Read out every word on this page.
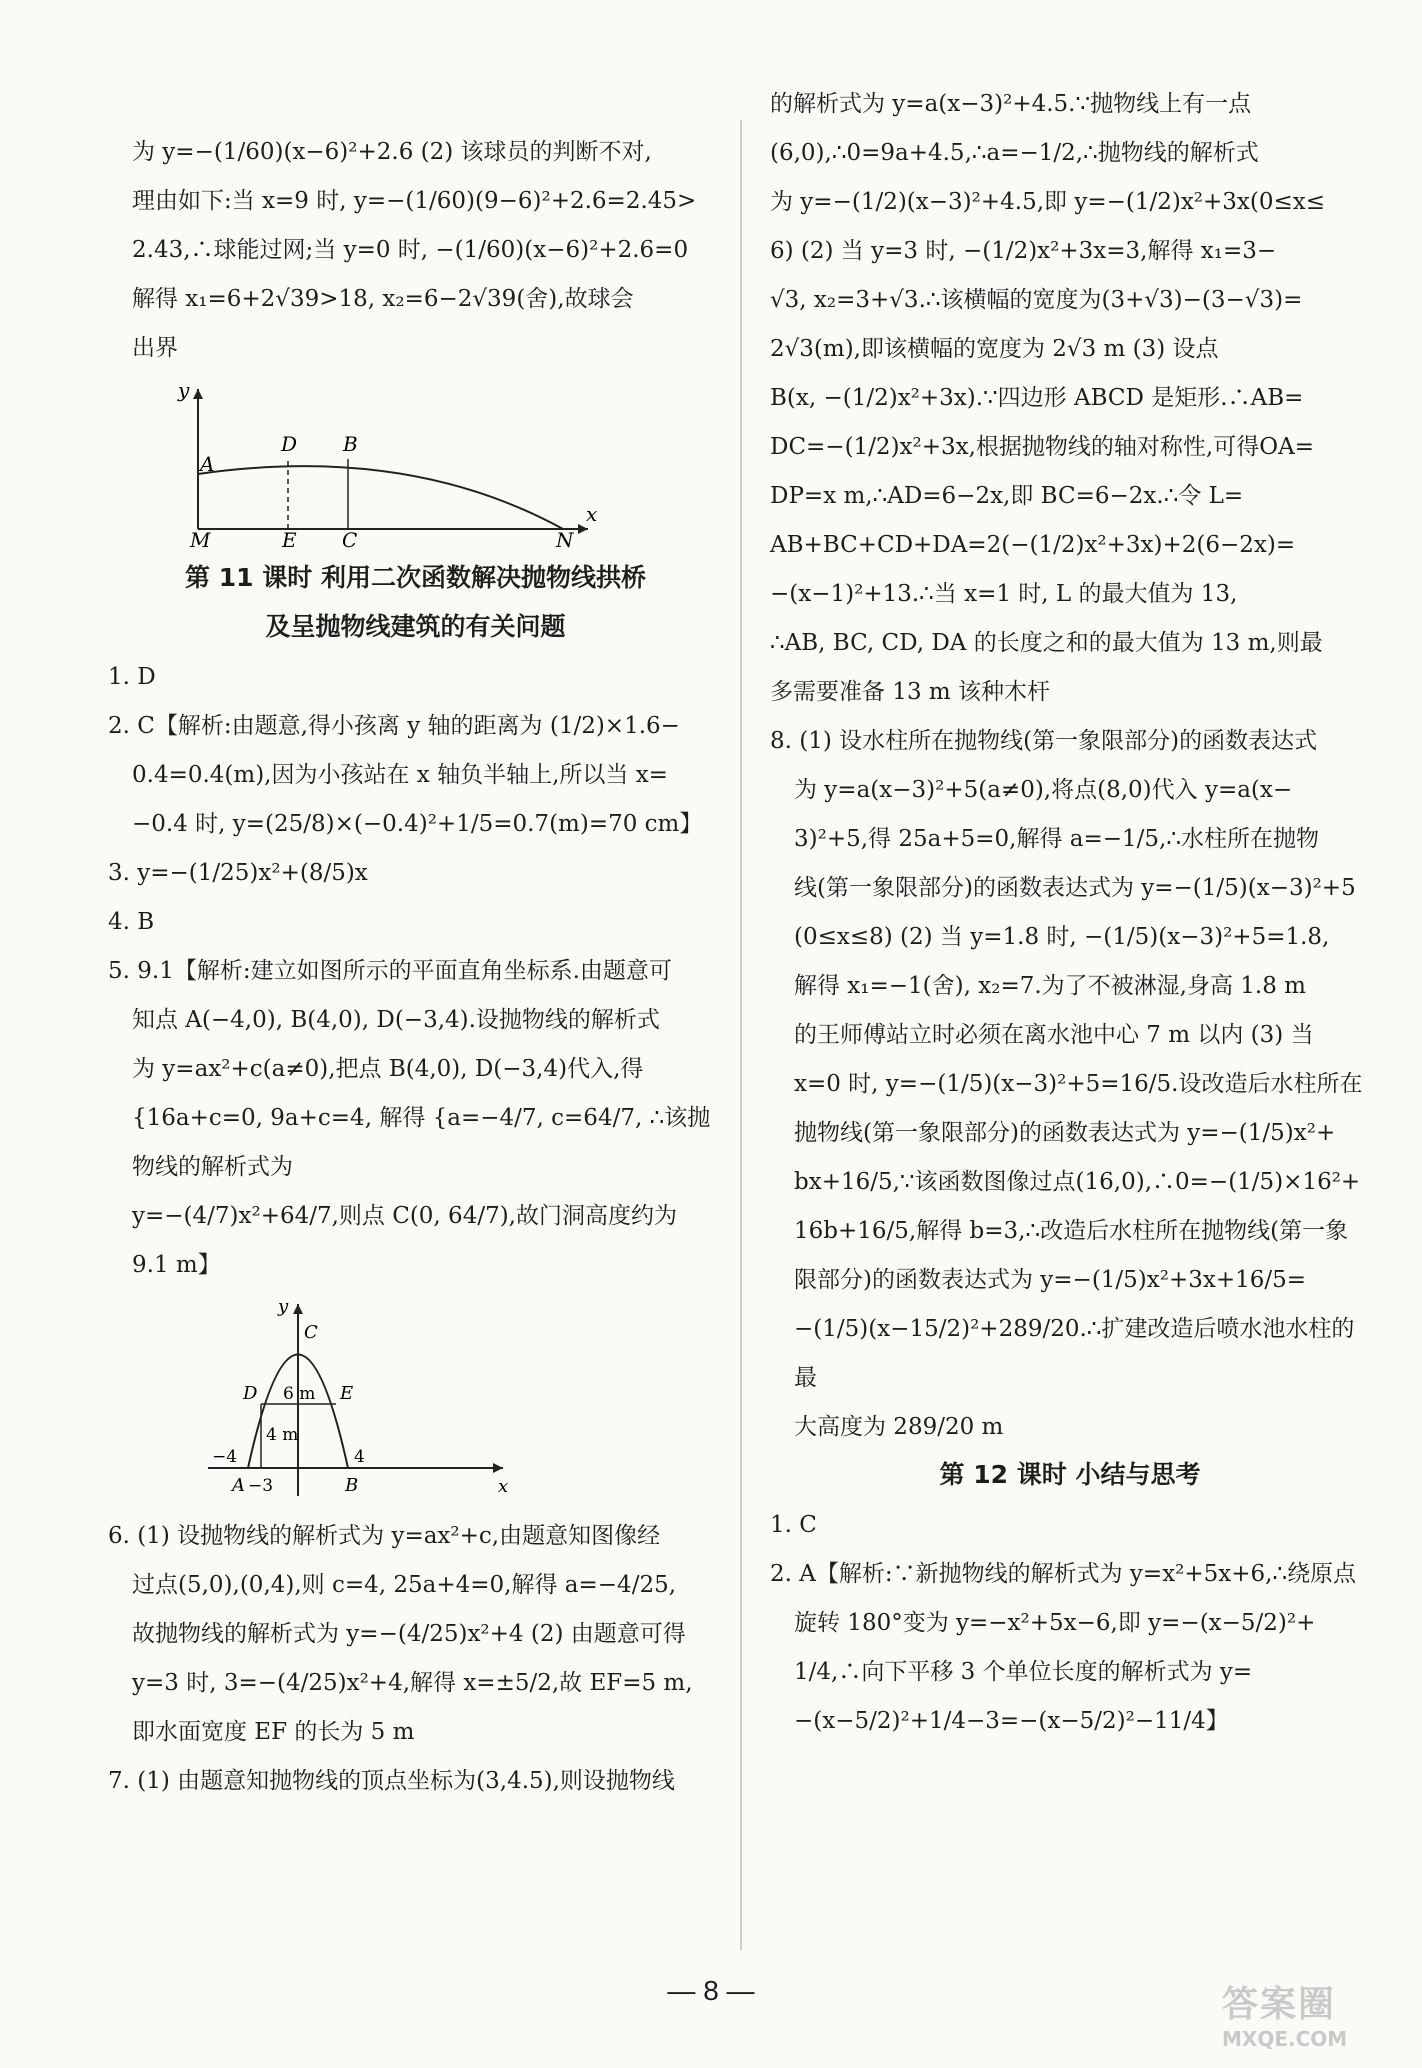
为 y=−(1/60)(x−6)²+2.6 (2) 该球员的判断不对,
理由如下:当 x=9 时, y=−(1/60)(9−6)²+2.6=2.45>
2.43,∴球能过网;当 y=0 时, −(1/60)(x−6)²+2.6=0
解得 x₁=6+2√39>18, x₂=6−2√39(舍),故球会
出界
y
x
A
D B
M	E C	N
第 11 课时 利用二次函数解决抛物线拱桥
及呈抛物线建筑的有关问题
1. D
2. C【解析:由题意,得小孩离 y 轴的距离为 (1/2)×1.6−
0.4=0.4(m),因为小孩站在 x 轴负半轴上,所以当 x=
−0.4 时, y=(25/8)×(−0.4)²+1/5=0.7(m)=70 cm】
3. y=−(1/25)x²+(8/5)x
4. B
5. 9.1【解析:建立如图所示的平面直角坐标系.由题意可
知点 A(−4,0), B(4,0), D(−3,4).设抛物线的解析式
为 y=ax²+c(a≠0),把点 B(4,0), D(−3,4)代入,得
{16a+c=0, 9a+c=4, 解得 {a=−4/7, c=64/7, ∴该抛物线的解析式为
y=−(4/7)x²+64/7,则点 C(0, 64/7),故门洞高度约为
9.1 m】
y
x
C
D	E
A	B
6 m
4 m
−4
−3
4
6. (1) 设抛物线的解析式为 y=ax²+c,由题意知图像经
过点(5,0),(0,4),则 c=4, 25a+4=0,解得 a=−4/25,
故抛物线的解析式为 y=−(4/25)x²+4 (2) 由题意可得
y=3 时, 3=−(4/25)x²+4,解得 x=±5/2,故 EF=5 m,
即水面宽度 EF 的长为 5 m
7. (1) 由题意知抛物线的顶点坐标为(3,4.5),则设抛物线
的解析式为 y=a(x−3)²+4.5.∵抛物线上有一点
(6,0),∴0=9a+4.5,∴a=−1/2,∴抛物线的解析式
为 y=−(1/2)(x−3)²+4.5,即 y=−(1/2)x²+3x(0≤x≤
6) (2) 当 y=3 时, −(1/2)x²+3x=3,解得 x₁=3−
√3, x₂=3+√3.∴该横幅的宽度为(3+√3)−(3−√3)=
2√3(m),即该横幅的宽度为 2√3 m (3) 设点
B(x, −(1/2)x²+3x).∵四边形 ABCD 是矩形.∴AB=
DC=−(1/2)x²+3x,根据抛物线的轴对称性,可得OA=
DP=x m,∴AD=6−2x,即 BC=6−2x.∴令 L=
AB+BC+CD+DA=2(−(1/2)x²+3x)+2(6−2x)=
−(x−1)²+13.∴当 x=1 时, L 的最大值为 13,
∴AB, BC, CD, DA 的长度之和的最大值为 13 m,则最
多需要准备 13 m 该种木杆
8. (1) 设水柱所在抛物线(第一象限部分)的函数表达式
为 y=a(x−3)²+5(a≠0),将点(8,0)代入 y=a(x−
3)²+5,得 25a+5=0,解得 a=−1/5,∴水柱所在抛物
线(第一象限部分)的函数表达式为 y=−(1/5)(x−3)²+5
(0≤x≤8) (2) 当 y=1.8 时, −(1/5)(x−3)²+5=1.8,
解得 x₁=−1(舍), x₂=7.为了不被淋湿,身高 1.8 m
的王师傅站立时必须在离水池中心 7 m 以内 (3) 当
x=0 时, y=−(1/5)(x−3)²+5=16/5.设改造后水柱所在
抛物线(第一象限部分)的函数表达式为 y=−(1/5)x²+
bx+16/5,∵该函数图像过点(16,0),∴0=−(1/5)×16²+
16b+16/5,解得 b=3,∴改造后水柱所在抛物线(第一象
限部分)的函数表达式为 y=−(1/5)x²+3x+16/5=
−(1/5)(x−15/2)²+289/20.∴扩建改造后喷水池水柱的最
大高度为 289/20 m
第 12 课时 小结与思考
1. C
2. A【解析:∵新抛物线的解析式为 y=x²+5x+6,∴绕原点
旋转 180°变为 y=−x²+5x−6,即 y=−(x−5/2)²+
1/4,∴向下平移 3 个单位长度的解析式为 y=
−(x−5/2)²+1/4−3=−(x−5/2)²−11/4】
— 8 —	答案圈
MXQE.COM
